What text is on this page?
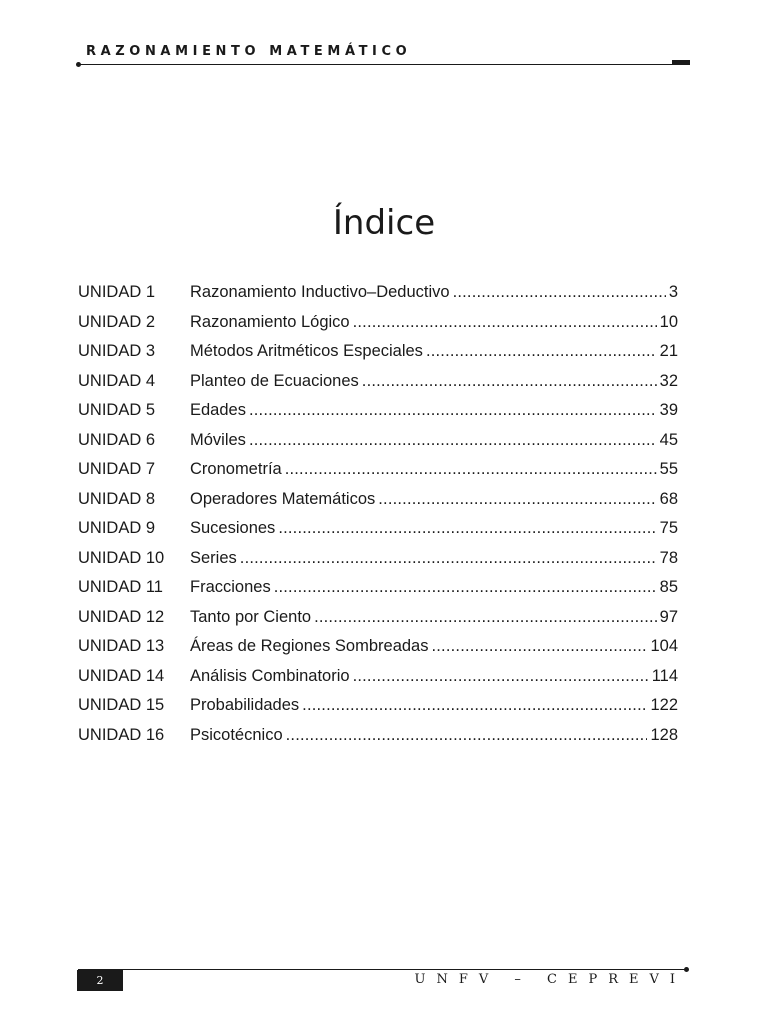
RAZONAMIENTO MATEMÁTICO
Índice
UNIDAD 1	Razonamiento Inductivo–Deductivo .....	3
UNIDAD 2	Razonamiento Lógico .....	10
UNIDAD 3	Métodos Aritméticos Especiales .....	21
UNIDAD 4	Planteo de Ecuaciones .....	32
UNIDAD 5	Edades .....	39
UNIDAD 6	Móviles .....	45
UNIDAD 7	Cronometría .....	55
UNIDAD 8	Operadores Matemáticos .....	68
UNIDAD 9	Sucesiones .....	75
UNIDAD 10	Series .....	78
UNIDAD 11	Fracciones .....	85
UNIDAD 12	Tanto por Ciento .....	97
UNIDAD 13	Áreas de Regiones Sombreadas .....	104
UNIDAD 14	Análisis Combinatorio .....	114
UNIDAD 15	Probabilidades .....	122
UNIDAD 16	Psicotécnico .....	128
2	UNFV – CEPREVI
